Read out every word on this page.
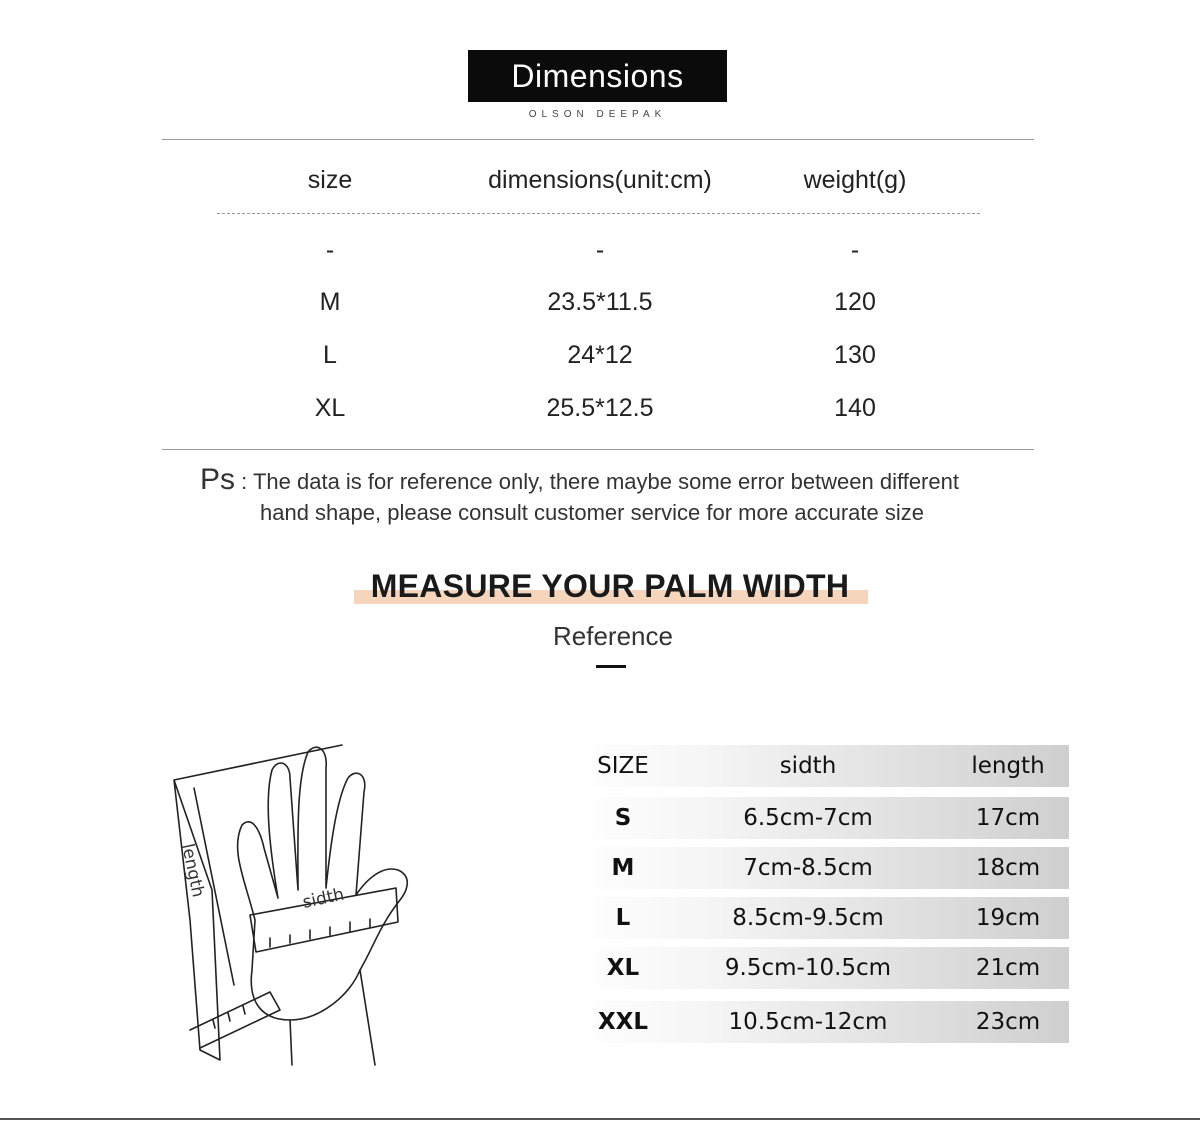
Dimensions
OLSON DEEPAK
size	dimensions(unit:cm)	weight(g)
-	-	-
M	23.5*11.5	120
L	24*12	130
XL	25.5*12.5	140
Ps : The data is for reference only, there maybe some error between different
hand shape, please consult customer service for more accurate size
MEASURE YOUR PALM WIDTH
Reference
length	sidth
SIZE	sidth	length
S	6.5cm-7cm	17cm
M	7cm-8.5cm	18cm
L	8.5cm-9.5cm	19cm
XL	9.5cm-10.5cm	21cm
XXL	10.5cm-12cm	23cm
